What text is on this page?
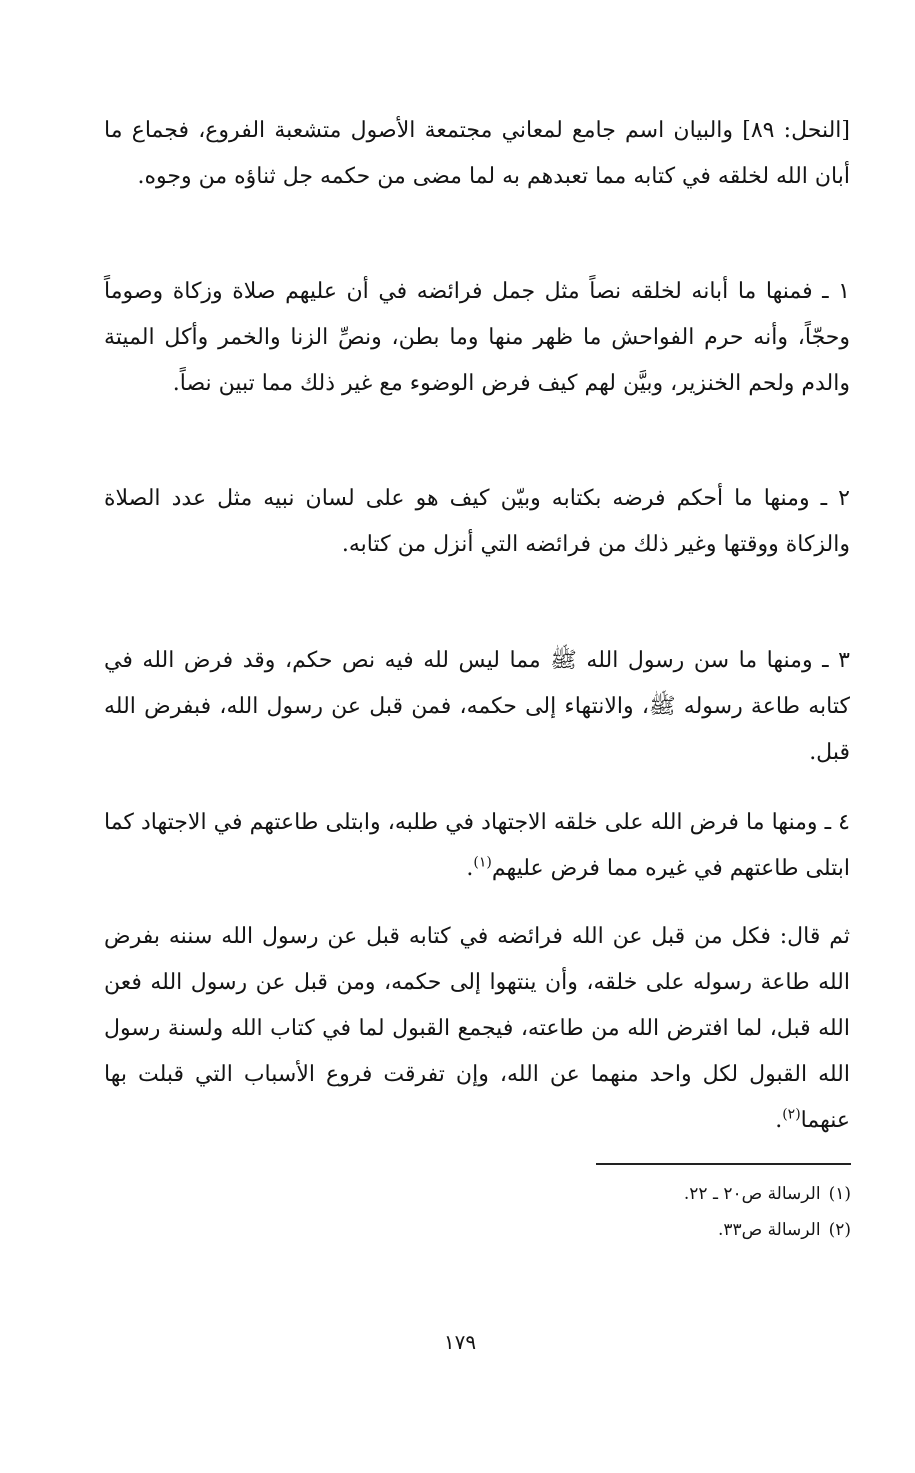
[النحل: ٨٩] والبيان اسم جامع لمعاني مجتمعة الأصول متشعبة الفروع، فجماع ما أبان الله لخلقه في كتابه مما تعبدهم به لما مضى من حكمه جل ثناؤه من وجوه.

١ ـ فمنها ما أبانه لخلقه نصاً مثل جمل فرائضه في أن عليهم صلاة وزكاة وصوماً وحجّاً، وأنه حرم الفواحش ما ظهر منها وما بطن، ونصِّ الزنا والخمر وأكل الميتة والدم ولحم الخنزير، وبيَّن لهم كيف فرض الوضوء مع غير ذلك مما تبين نصاً.

٢ ـ ومنها ما أحكم فرضه بكتابه وبيّن كيف هو على لسان نبيه مثل عدد الصلاة والزكاة ووقتها وغير ذلك من فرائضه التي أنزل من كتابه.

٣ ـ ومنها ما سن رسول الله ﷺ مما ليس لله فيه نص حكم، وقد فرض الله في كتابه طاعة رسوله ﷺ، والانتهاء إلى حكمه، فمن قبل عن رسول الله، فبفرض الله قبل.

٤ ـ ومنها ما فرض الله على خلقه الاجتهاد في طلبه، وابتلى طاعتهم في الاجتهاد كما ابتلى طاعتهم في غيره مما فرض عليهم$^{(١)}$.

ثم قال: فكل من قبل عن الله فرائضه في كتابه قبل عن رسول الله سننه بفرض الله طاعة رسوله على خلقه، وأن ينتهوا إلى حكمه، ومن قبل عن رسول الله فعن الله قبل، لما افترض الله من طاعته، فيجمع القبول لما في كتاب الله ولسنة رسول الله القبول لكل واحد منهما عن الله، وإن تفرقت فروع الأسباب التي قبلت بها عنهما$^{(٢)}$.

(١)الرسالة ص٢٠ ـ ٢٢.
(٢)الرسالة ص٣٣.
١٧٩
